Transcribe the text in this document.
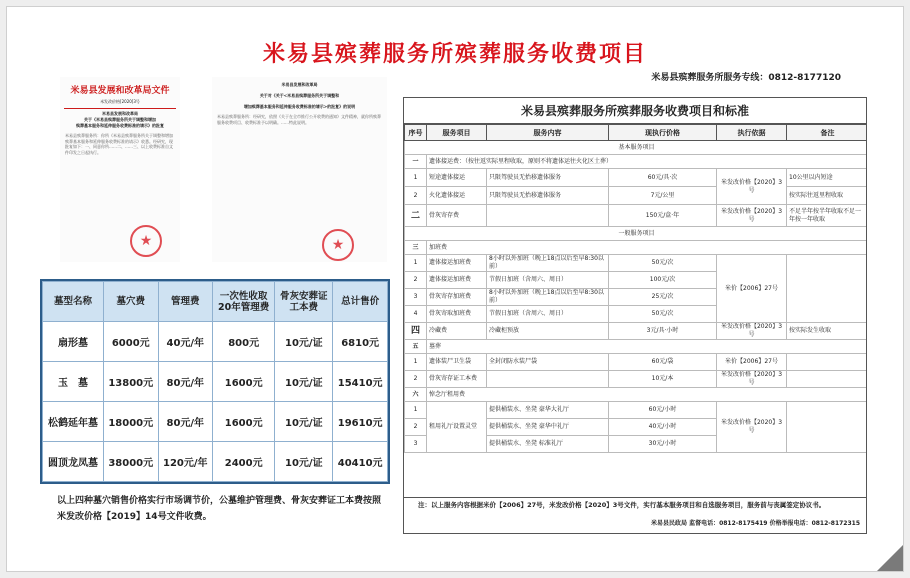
米易县殡葬服务所殡葬服务收费项目
米易县殡葬服务所服务专线：0812-8177120
米易县发展和改革局文件
米发改价格[2020]3号
米易县发展和改革局
关于《米易县殡葬服务所关于调整和增加
殡葬基本服务和延伸服务收费标准的请示》的批复
米易县殡葬服务所：你所《米易县殡葬服务所关于调整和增加殡葬基本服务和延伸服务收费标准的请示》收悉。经研究，现批复如下：一、同意你所……二、……三、以上收费标准自文件印发之日起执行。
★
米易县发展和改革局
关于对《关于<米易县殡葬服务所关于调整和
增加殡葬基本服务和延伸服务收费标准的请示>的批复》的说明
米易县殡葬服务所：经研究，依照《关于在全市推行公开收费的通知》文件精神，就你所殡葬服务收费项目、收费标准予以明确。……特此说明。
★
墓型名称	墓穴费	管理费	一次性收取
20年管理费	骨灰安葬证
工本费	总计售价
扇形墓	6000元	40元/年	800元	10元/证	6810元
玉　墓	13800元	80元/年	1600元	10元/证	15410元
松鹤延年墓	18000元	80元/年	1600元	10元/证	19610元
圆顶龙凤墓	38000元	120元/年	2400元	10元/证	40410元
以上四种墓穴销售价格实行市场调节价，公墓维护管理费、骨灰安葬证工本费按照米发改价格【2019】14号文件收费。
米易县殡葬服务所殡葬服务收费项目和标准
序号	服务项目	服务内容	现执行价格	执行依据	备注
基本服务项目					
一	遗体接运费：（按往返实际里程收取，原则不将遗体运往火化区土葬）				
1	短途遗体接运	只限驾驶员无抬移遗体服务	60元/具·次	米发改价格【2020】3号	10公里以内短途
2	火化遗体接运	只限驾驶员无抬移遗体服务	7元/公里		按实际往返里程收取
二	骨灰寄存费		150元/盒·年	米发改价格【2020】3号	不足半年按半年收取不足一年按一年收取
一般服务项目					
三	加班费				
1	遗体接运加班费	8小时以外加班（晚上18点以后至早8:30以前）	50元/次	米价【2006】27号	
2	遗体接运加班费	节假日加班（含周六、周日）	100元/次		
3	骨灰寄存加班费	8小时以外加班（晚上18点以后至早8:30以前）	25元/次		
4	骨灰寄取加班费	节假日加班（含周六、周日）	50元/次		
四	冷藏费	冷藏柜预放	3元/具·小时	米发改价格【2020】3号	按实际发生收取
五	墓葬				
1	遗体装尸卫生袋	全封闭防水装尸袋	60元/袋	米价【2006】27号	
2	骨灰寄存证工本费		10元/本	米发改价格【2020】3号	
六	悼念厅租用费				
1	租用礼厅设置灵堂	提供桶装水、坐凳 豪华大礼厅	60元/小时	米发改价格【2020】3号	
2		提供桶装水、坐凳 豪华中礼厅	40元/小时		
3		提供桶装水、坐凳 标准礼厅	30元/小时		
注：以上服务内容根据米价【2006】27号，米发改价格【2020】3号文件，实行基本服务项目和自选服务项目，服务前与丧属签定协议书。
米易县民政局 监督电话：0812-8175419 价格举报电话：0812-8172315
